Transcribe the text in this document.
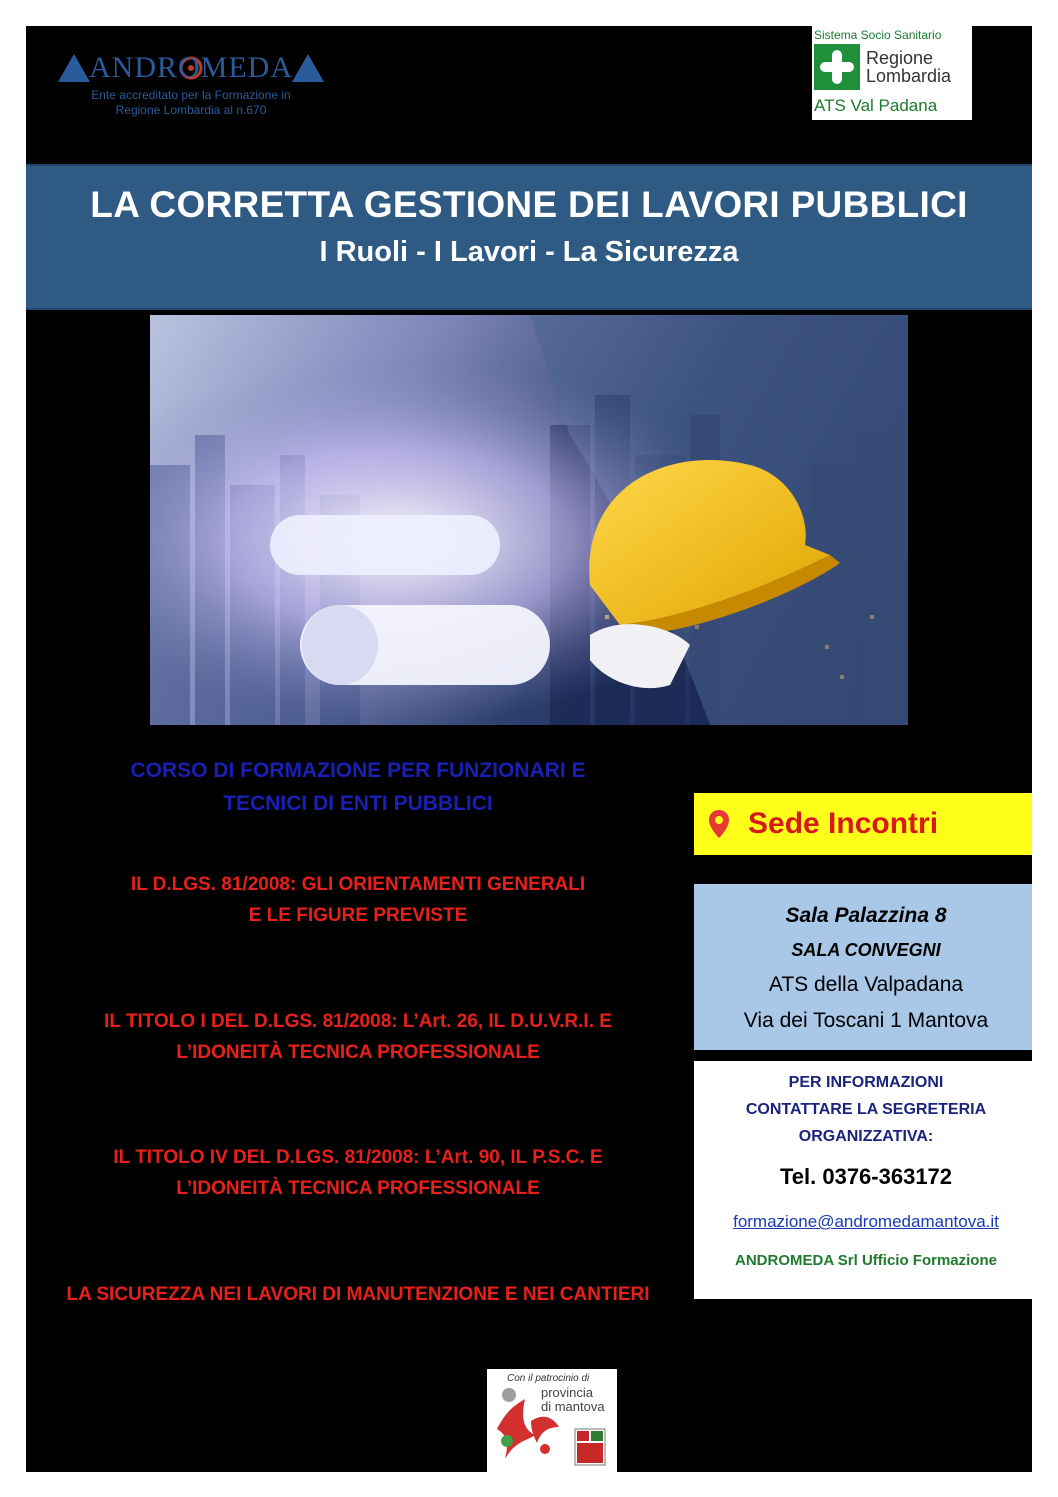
ANDROMEDA
Ente accreditato per la Formazione in
Regione Lombardia al n.670
Sistema Socio Sanitario
Regione
Lombardia
ATS Val Padana
LA CORRETTA GESTIONE DEI LAVORI PUBBLICI
I Ruoli - I Lavori - La Sicurezza
CORSO DI FORMAZIONE PER FUNZIONARI E
TECNICI DI ENTI PUBBLICI
IL D.LGS. 81/2008: GLI ORIENTAMENTI GENERALI
E LE FIGURE PREVISTE
IL TITOLO I DEL D.LGS. 81/2008: L’Art. 26, IL D.U.V.R.I. E
L’IDONEITÀ TECNICA PROFESSIONALE
IL TITOLO IV DEL D.LGS. 81/2008: L’Art. 90, IL P.S.C. E
L’IDONEITÀ TECNICA PROFESSIONALE
LA SICUREZZA NEI LAVORI DI MANUTENZIONE E NEI CANTIERI
Sede Incontri
Sala Palazzina 8
SALA CONVEGNI
ATS della Valpadana
Via dei Toscani 1 Mantova
PER INFORMAZIONI
CONTATTARE LA SEGRETERIA
ORGANIZZATIVA:
Tel. 0376-363172
formazione@andromedamantova.it
ANDROMEDA Srl Ufficio Formazione
Con il patrocinio di
provincia
di mantova
